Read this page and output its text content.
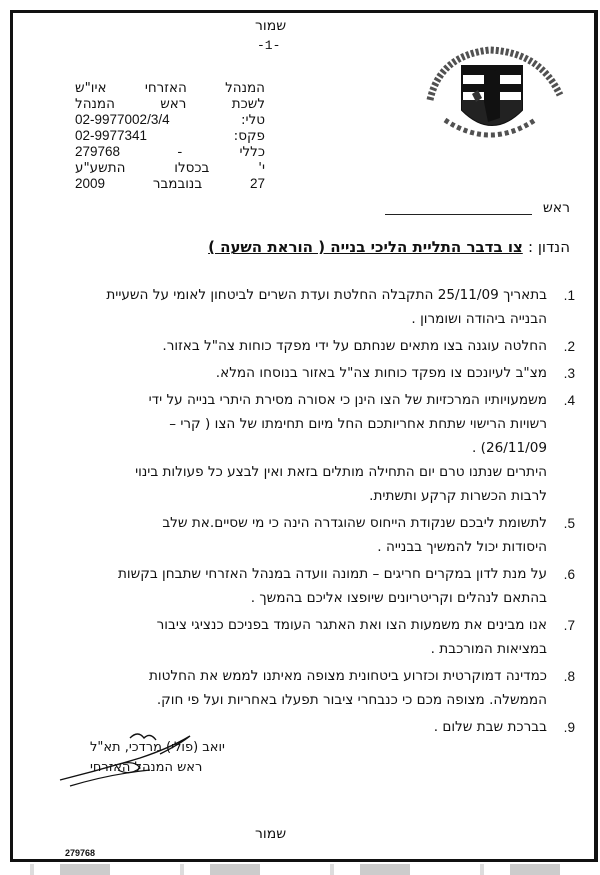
שמור
-1-
המנהל
האזרחי
איו"ש
לשכת
ראש
המנהל
טלי:
02-9977002/3/4
פקס:
02-9977341
כללי
-
279768
י'
בכסלו
התשע"ע
27
בנובמבר
2009
ראש
הנדון : צו בדבר התליית הליכי בנייה ( הוראת השעה )
1.

בתאריך 25/11/09 התקבלה החלטת ועדת השרים לביטחון לאומי על השעיית

הבנייה ביהודה ושומרון .

2.

החלטה עוגנה בצו מתאים שנחתם על ידי מפקד כוחות צה"ל באזור.

3.

מצ"ב לעיונכם צו מפקד כוחות צה"ל באזור בנוסחו המלא.

4.

משמעויותיו המרכזיות של הצו הינן כי אסורה מסירת היתרי בנייה על ידי

רשויות הרישוי שתחת אחריותכם החל מיום תחימתו של הצו ( קרי –

26/11/09) .

היתרים שנתנו טרם יום התחילה מותלים בזאת ואין לבצע כל פעולות בינוי

לרבות הכשרות קרקע ותשתית.

5.

לתשומת ליבכם שנקודת הייחוס שהוגדרה הינה כי מי שסיים.את שלב

היסודות יכול להמשיך בבנייה .

6.

על מנת לדון במקרים חריגים – תמונה וועדה במנהל האזרחי שתבחן בקשות

בהתאם לנהלים וקריטריונים שיופצו אליכם בהמשך .

7.

אנו מבינים את משמעות הצו ואת האתגר העומד בפניכם כנציגי ציבור

במציאות המורכבת .

8.

כמדינה דמוקרטית וכזרוע ביטחונית מצופה מאיתנו לממש את החלטות

הממשלה. מצופה מכם כי כנבחרי ציבור תפעלו באחריות ועל פי חוק.

9.

בברכת שבת שלום .

יואב (פולי) מרדכי, תא"ל
ראש המנהל האזרחי
שמור
279768
